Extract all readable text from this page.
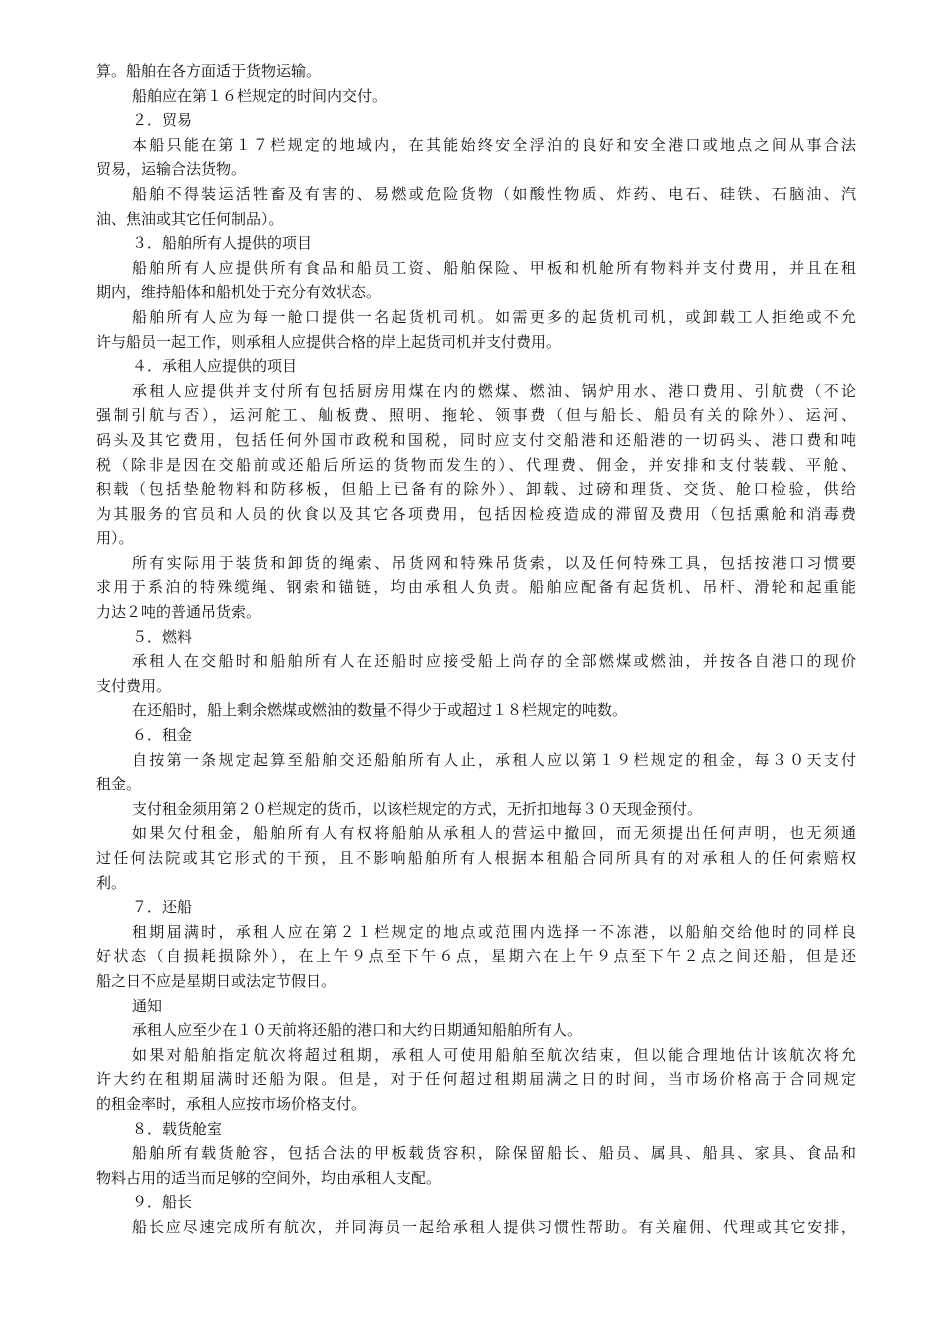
算。船舶在各方面适于货物运输。
船舶应在第１６栏规定的时间内交付。
２．贸易
本船只能在第１７栏规定的地域内，在其能始终安全浮泊的良好和安全港口或地点之间从事合法
贸易，运输合法货物。
船舶不得装运活牲畜及有害的、易燃或危险货物（如酸性物质、炸药、电石、硅铁、石脑油、汽
油、焦油或其它任何制品）。
３．船舶所有人提供的项目
船舶所有人应提供所有食品和船员工资、船舶保险、甲板和机舱所有物料并支付费用，并且在租
期内，维持船体和船机处于充分有效状态。
船舶所有人应为每一舱口提供一名起货机司机。如需更多的起货机司机，或卸载工人拒绝或不允
许与船员一起工作，则承租人应提供合格的岸上起货司机并支付费用。
４．承租人应提供的项目
承租人应提供并支付所有包括厨房用煤在内的燃煤、燃油、锅炉用水、港口费用、引航费（不论
强制引航与否），运河舵工、舢板费、照明、拖轮、领事费（但与船长、船员有关的除外）、运河、
码头及其它费用，包括任何外国市政税和国税，同时应支付交船港和还船港的一切码头、港口费和吨
税（除非是因在交船前或还船后所运的货物而发生的）、代理费、佣金，并安排和支付装载、平舱、
积载（包括垫舱物料和防移板，但船上已备有的除外）、卸载、过磅和理货、交货、舱口检验，供给
为其服务的官员和人员的伙食以及其它各项费用，包括因检疫造成的滞留及费用（包括熏舱和消毒费
用）。
所有实际用于装货和卸货的绳索、吊货网和特殊吊货索，以及任何特殊工具，包括按港口习惯要
求用于系泊的特殊缆绳、钢索和锚链，均由承租人负责。船舶应配备有起货机、吊杆、滑轮和起重能
力达２吨的普通吊货索。
５．燃料
承租人在交船时和船舶所有人在还船时应接受船上尚存的全部燃煤或燃油，并按各自港口的现价
支付费用。
在还船时，船上剩余燃煤或燃油的数量不得少于或超过１８栏规定的吨数。
６．租金
自按第一条规定起算至船舶交还船舶所有人止，承租人应以第１９栏规定的租金，每３０天支付
租金。
支付租金须用第２０栏规定的货币，以该栏规定的方式，无折扣地每３０天现金预付。
如果欠付租金，船舶所有人有权将船舶从承租人的营运中撤回，而无须提出任何声明，也无须通
过任何法院或其它形式的干预，且不影响船舶所有人根据本租船合同所具有的对承租人的任何索赔权
利。
７．还船
租期届满时，承租人应在第２１栏规定的地点或范围内选择一不冻港，以船舶交给他时的同样良
好状态（自损耗损除外），在上午９点至下午６点，星期六在上午９点至下午２点之间还船，但是还
船之日不应是星期日或法定节假日。
通知
承租人应至少在１０天前将还船的港口和大约日期通知船舶所有人。
如果对船舶指定航次将超过租期，承租人可使用船舶至航次结束，但以能合理地估计该航次将允
许大约在租期届满时还船为限。但是，对于任何超过租期届满之日的时间，当市场价格高于合同规定
的租金率时，承租人应按市场价格支付。
８．载货舱室
船舶所有载货舱容，包括合法的甲板载货容积，除保留船长、船员、属具、船具、家具、食品和
物料占用的适当而足够的空间外，均由承租人支配。
９．船长
船长应尽速完成所有航次，并同海员一起给承租人提供习惯性帮助。有关雇佣、代理或其它安排，
